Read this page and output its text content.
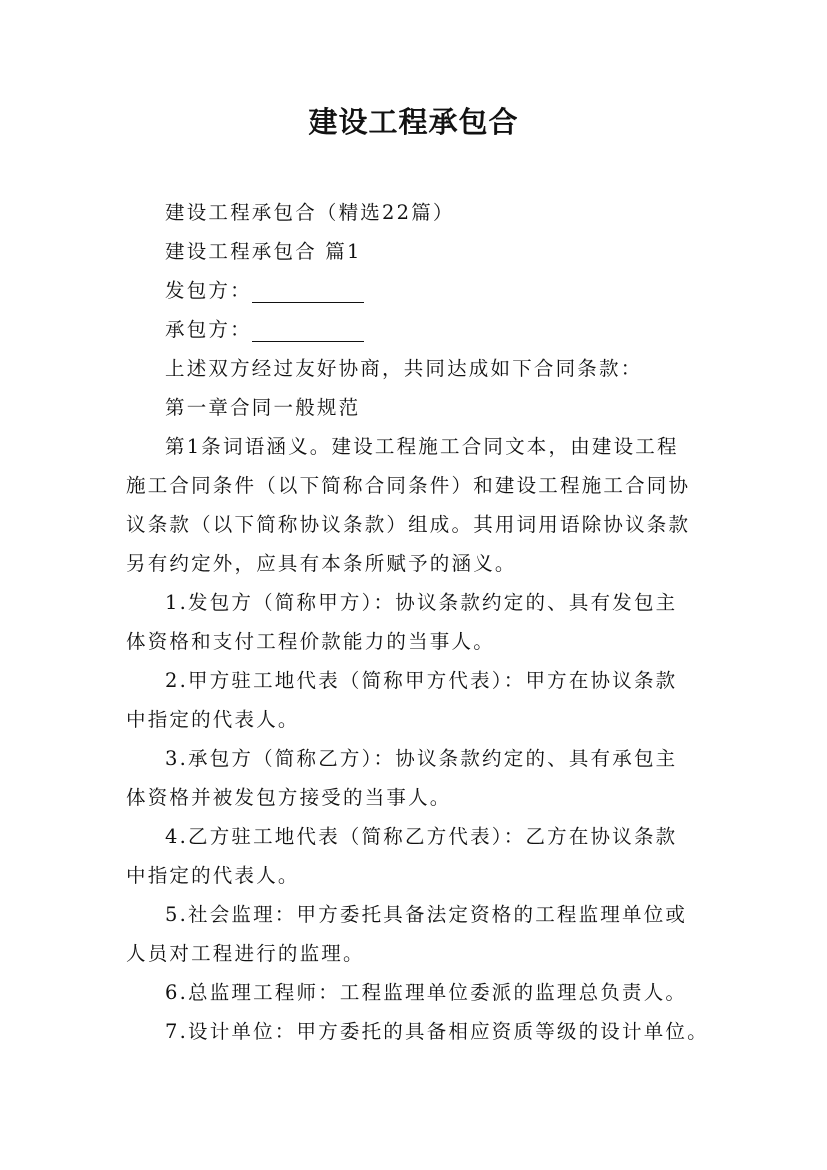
建设工程承包合

建设工程承包合（精选22篇）

建设工程承包合 篇1

发包方：

承包方：

上述双方经过友好协商，共同达成如下合同条款：

第一章合同一般规范

第1条词语涵义。建设工程施工合同文本，由建设工程
施工合同条件（以下简称合同条件）和建设工程施工合同协
议条款（以下简称协议条款）组成。其用词用语除协议条款
另有约定外，应具有本条所赋予的涵义。
1.发包方（简称甲方）：协议条款约定的、具有发包主
体资格和支付工程价款能力的当事人。
2.甲方驻工地代表（简称甲方代表）：甲方在协议条款
中指定的代表人。
3.承包方（简称乙方）：协议条款约定的、具有承包主
体资格并被发包方接受的当事人。
4.乙方驻工地代表（简称乙方代表）：乙方在协议条款
中指定的代表人。
5.社会监理：甲方委托具备法定资格的工程监理单位或
人员对工程进行的监理。

6.总监理工程师：工程监理单位委派的监理总负责人。

7.设计单位：甲方委托的具备相应资质等级的设计单位。
